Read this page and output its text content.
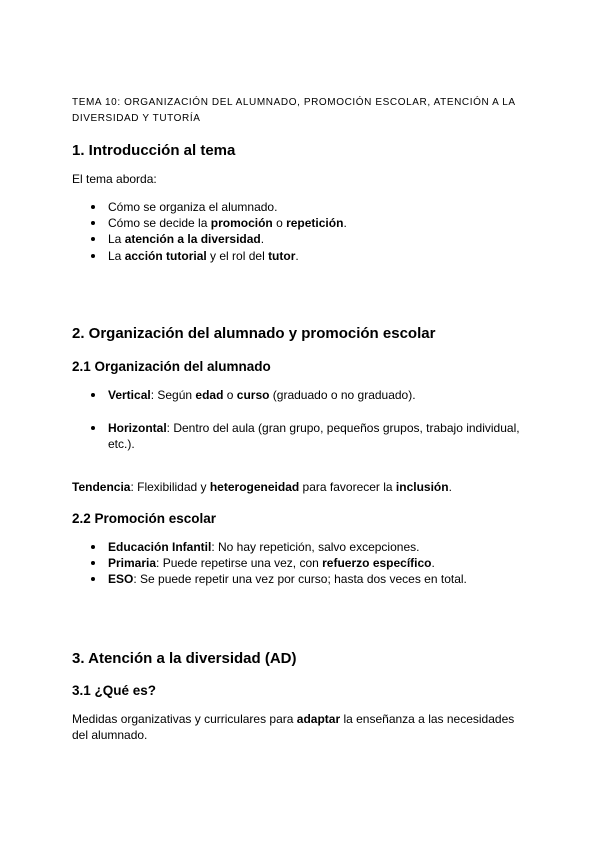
TEMA 10: ORGANIZACIÓN DEL ALUMNADO, PROMOCIÓN ESCOLAR, ATENCIÓN A LA
DIVERSIDAD Y TUTORÍA
1. Introducción al tema
El tema aborda:
Cómo se organiza el alumnado.
Cómo se decide la promoción o repetición.
La atención a la diversidad.
La acción tutorial y el rol del tutor.
2. Organización del alumnado y promoción escolar
2.1 Organización del alumnado
Vertical: Según edad o curso (graduado o no graduado).
Horizontal: Dentro del aula (gran grupo, pequeños grupos, trabajo individual,
etc.).
Tendencia: Flexibilidad y heterogeneidad para favorecer la inclusión.
2.2 Promoción escolar
Educación Infantil: No hay repetición, salvo excepciones.
Primaria: Puede repetirse una vez, con refuerzo específico.
ESO: Se puede repetir una vez por curso; hasta dos veces en total.
3. Atención a la diversidad (AD)
3.1 ¿Qué es?
Medidas organizativas y curriculares para adaptar la enseñanza a las necesidades
del alumnado.
